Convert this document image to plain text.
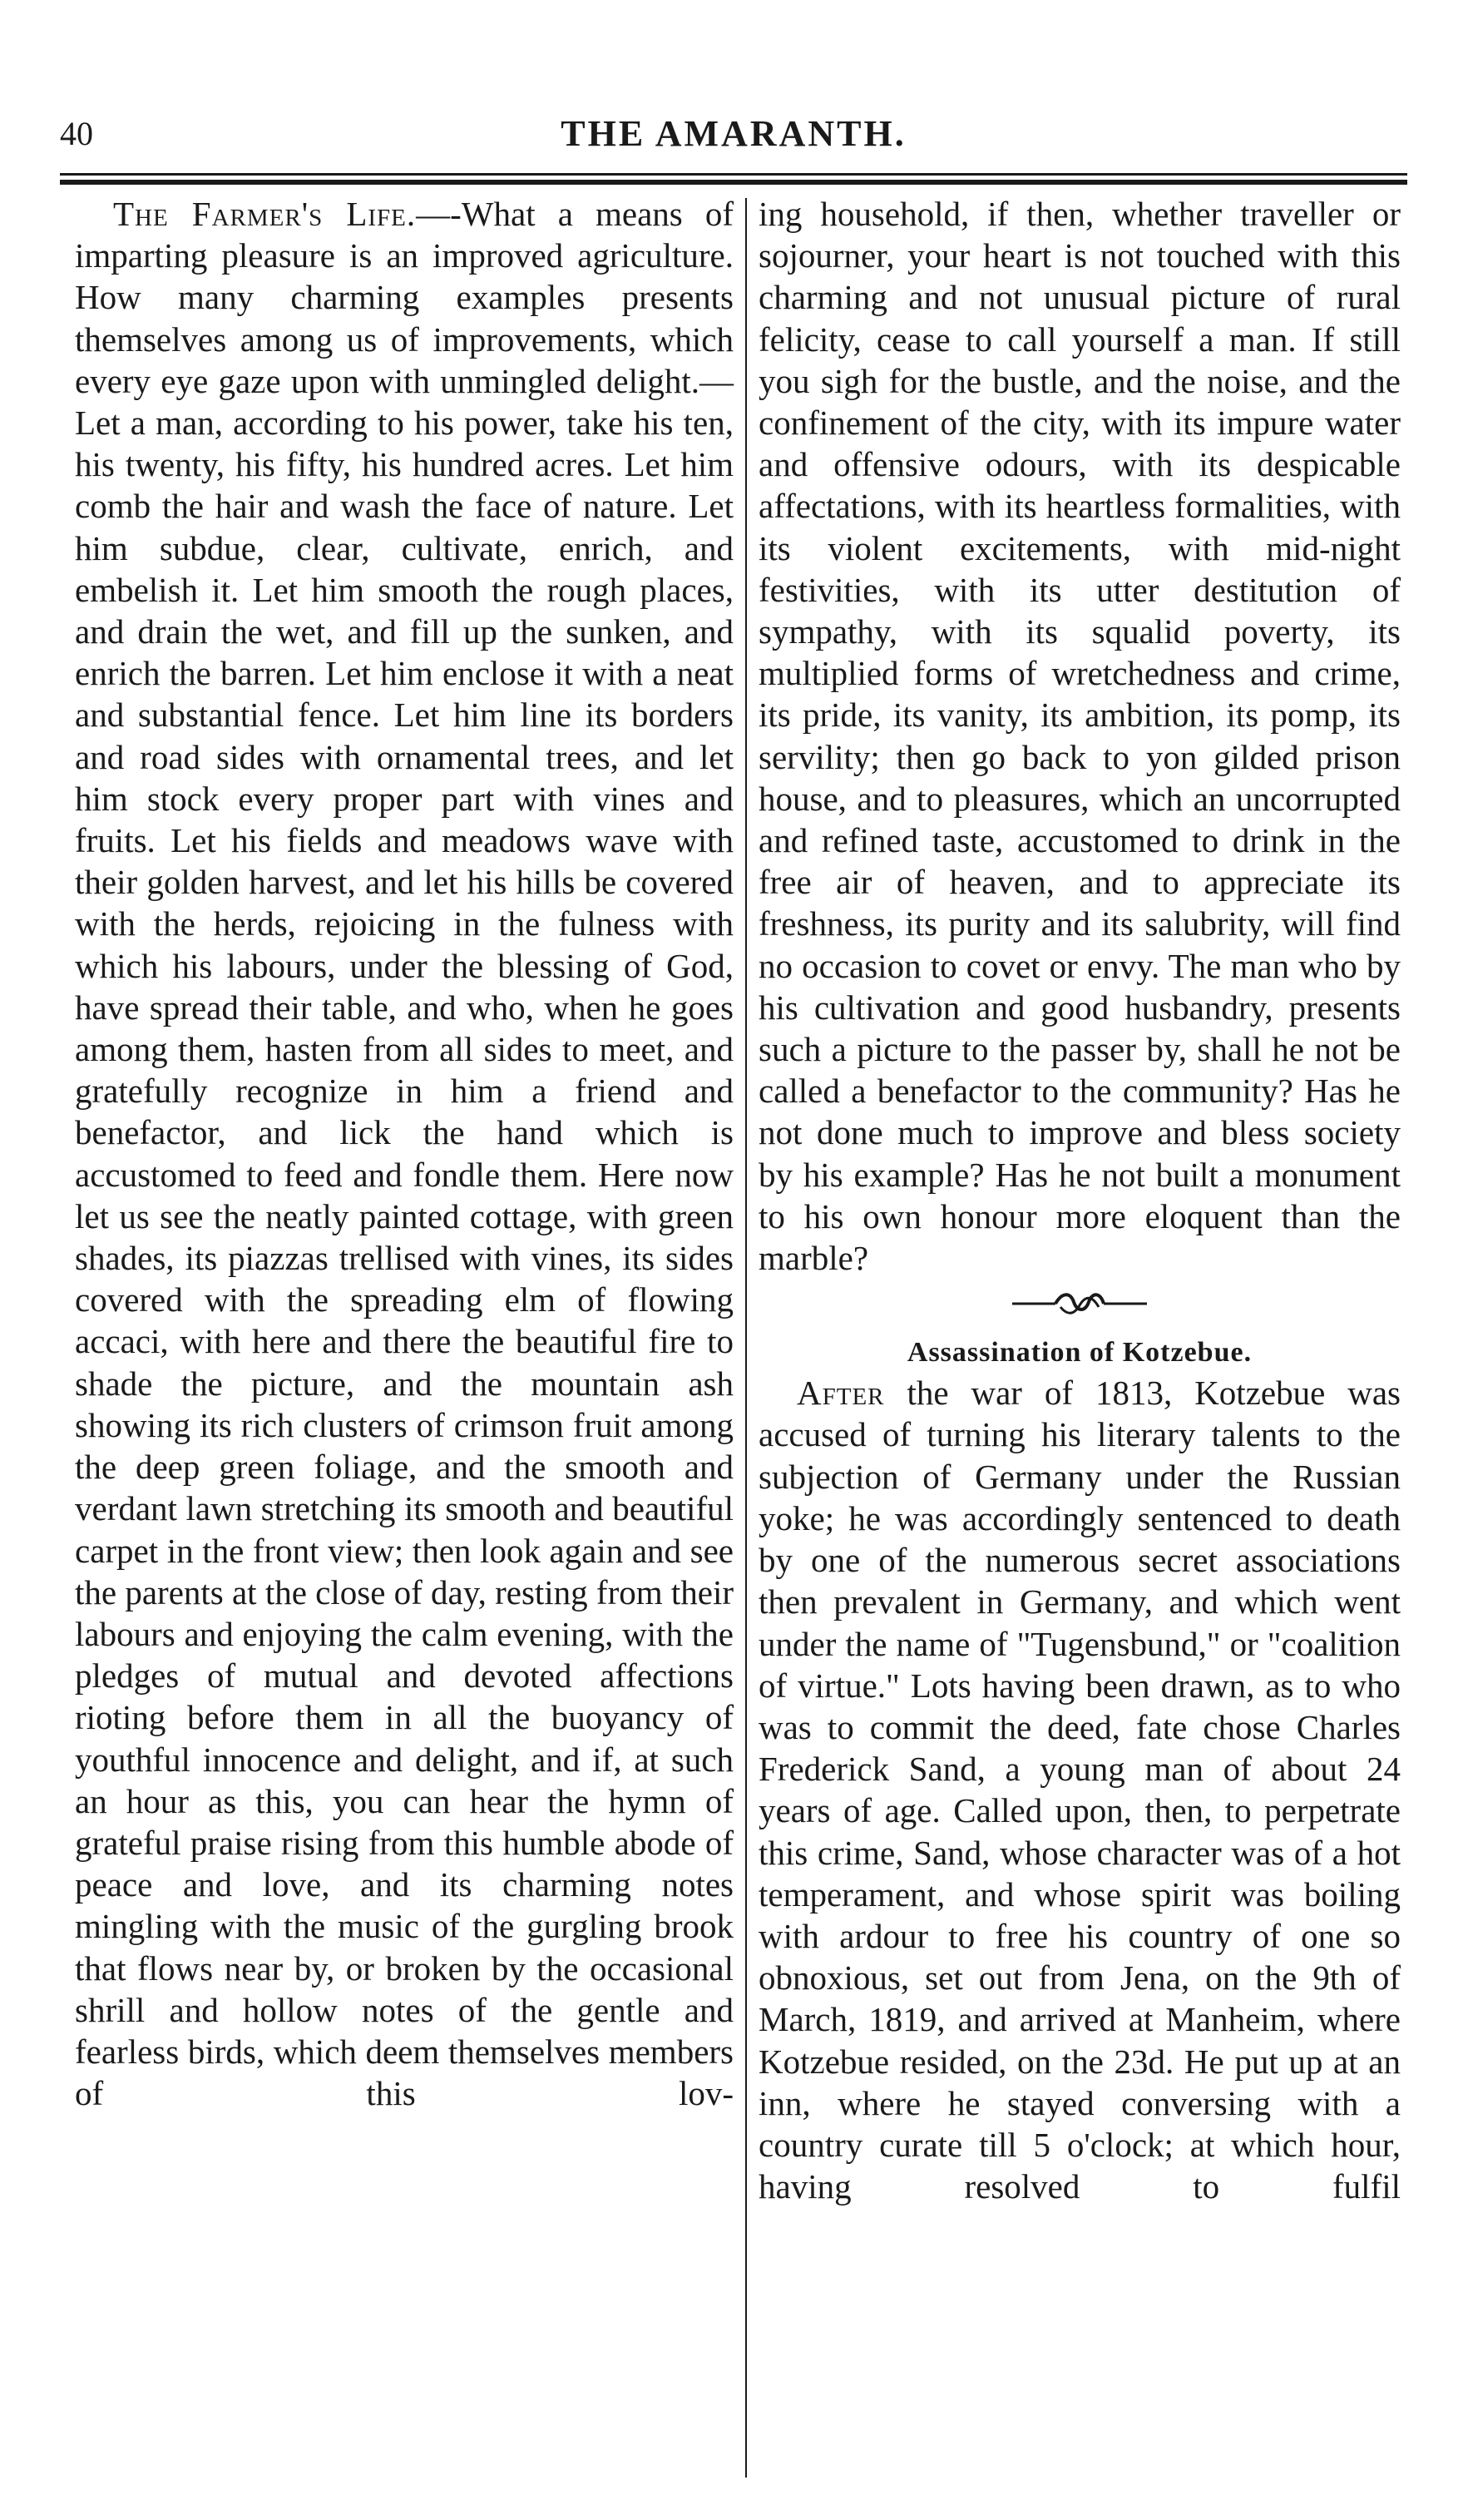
40	THE AMARANTH.

The Farmer's Life.—-What a means of imparting pleasure is an improved agriculture. How many charming examples presents themselves among us of improvements, which every eye gaze upon with unmingled delight.—Let a man, according to his power, take his ten, his twenty, his fifty, his hundred acres. Let him comb the hair and wash the face of nature. Let him subdue, clear, cultivate, enrich, and embelish it. Let him smooth the rough places, and drain the wet, and fill up the sunken, and enrich the barren. Let him enclose it with a neat and substantial fence. Let him line its borders and road sides with ornamental trees, and let him stock every proper part with vines and fruits. Let his fields and meadows wave with their golden harvest, and let his hills be covered with the herds, rejoicing in the fulness with which his labours, under the blessing of God, have spread their table, and who, when he goes among them, hasten from all sides to meet, and gratefully recognize in him a friend and benefactor, and lick the hand which is accustomed to feed and fondle them. Here now let us see the neatly painted cottage, with green shades, its piazzas trellised with vines, its sides covered with the spreading elm of flowing accaci, with here and there the beautiful fire to shade the picture, and the mountain ash showing its rich clusters of crimson fruit among the deep green foliage, and the smooth and verdant lawn stretching its smooth and beautiful carpet in the front view; then look again and see the parents at the close of day, resting from their labours and enjoying the calm evening, with the pledges of mutual and devoted affections rioting before them in all the buoyancy of youthful innocence and delight, and if, at such an hour as this, you can hear the hymn of grateful praise rising from this humble abode of peace and love, and its charming notes mingling with the music of the gurgling brook that flows near by, or broken by the occasional shrill and hollow notes of the gentle and fearless birds, which deem themselves members of this lov-

ing household, if then, whether traveller or sojourner, your heart is not touched with this charming and not unusual picture of rural felicity, cease to call yourself a man. If still you sigh for the bustle, and the noise, and the confinement of the city, with its impure water and offensive odours, with its despicable affectations, with its heartless formalities, with its violent excitements, with mid-night festivities, with its utter destitution of sympathy, with its squalid poverty, its multiplied forms of wretchedness and crime, its pride, its vanity, its ambition, its pomp, its servility; then go back to yon gilded prison house, and to pleasures, which an uncorrupted and refined taste, accustomed to drink in the free air of heaven, and to appreciate its freshness, its purity and its salubrity, will find no occasion to covet or envy. The man who by his cultivation and good husbandry, presents such a picture to the passer by, shall he not be called a benefactor to the community? Has he not done much to improve and bless society by his example? Has he not built a monument to his own honour more eloquent than the marble?

Assassination of Kotzebue.

After the war of 1813, Kotzebue was accused of turning his literary talents to the subjection of Germany under the Russian yoke; he was accordingly sentenced to death by one of the numerous secret associations then prevalent in Germany, and which went under the name of "Tugensbund," or "coalition of virtue." Lots having been drawn, as to who was to commit the deed, fate chose Charles Frederick Sand, a young man of about 24 years of age. Called upon, then, to perpetrate this crime, Sand, whose character was of a hot temperament, and whose spirit was boiling with ardour to free his country of one so obnoxious, set out from Jena, on the 9th of March, 1819, and arrived at Manheim, where Kotzebue resided, on the 23d. He put up at an inn, where he stayed conversing with a country curate till 5 o'clock; at which hour, having resolved to fulfil
